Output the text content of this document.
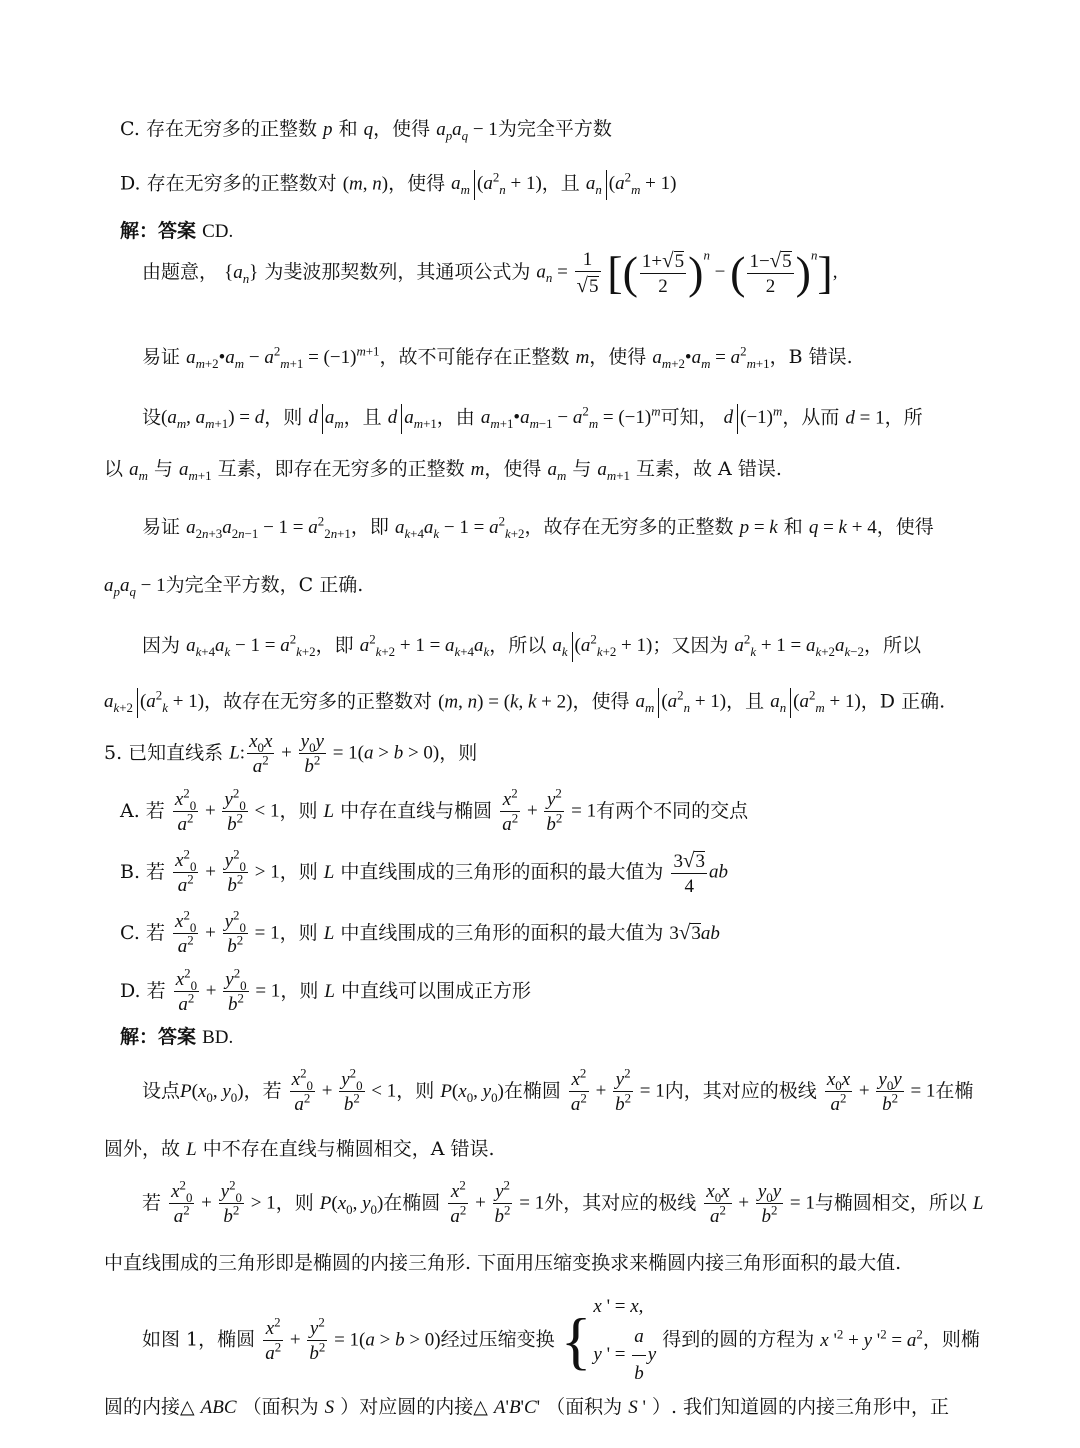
C. 存在无穷多的正整数 p 和 q，使得 $a_pa_q - 1$为完全平方数
D. 存在无穷多的正整数对 (m, n)，使得 $a_m$ $(a^2_n + 1)$，且 $a_n$ $(a^2_m + 1)$
解：答案 CD.
由题意， $\{a_n\}$ 为斐波那契数列，其通项公式为 $a_n = \frac{1}{√5}$ [( $\frac{1+√5}{2} )^n$ − ( $\frac{1-√5}{2} )^n$],
易证 $a_{m+2}•a_m - a^2_{m+1} = (-1)^{m+1}$，故不可能存在正整数 m，使得 $a_{m+2}•a_m = a^2_{m+1}$，B 错误.
设($a_m$, $a_{m+1}) = d$，则 d $a_m$，且 d $a_{m+1}$，由 $a_{m+1}•a_{m-1} - a^2_m = (-1)^m$可知， d $(-1)^m$，从而 d = 1，所
以 $a_m$ 与 $a_{m+1}$ 互素，即存在无穷多的正整数 m，使得 $a_m$ 与 $a_{m+1}$ 互素，故 A 错误.
易证 $a_{2n+3}a_{2n-1} - 1 = a^2_{2n+1}$，即 $a_{k+4}a_k - 1 = a^2_{k+2}$，故存在无穷多的正整数 p = k 和 q = k + 4，使得
$a_pa_q - 1$为完全平方数，C 正确.
因为 $a_{k+4}a_k - 1 = a^2_{k+2}$，即 $a^2_{k+2} + 1 = a_{k+4}a_k$，所以 $a_k$ $(a^2_{k+2} + 1)$；又因为 $a^2_k + 1 = a_{k+2}a_{k-2}$，所以
$a_{k+2}$ $(a^2_k + 1)$，故存在无穷多的正整数对 (m, n) = (k, k + 2)，使得 $a_m$ $(a^2_n + 1)$，且 $a_n$ $(a^2_m + 1)$，D 正确.
5. 已知直线系 L: $\frac{x_0x}{a^2} + \frac{y_0y}{b^2} = 1(a > b > 0)$，则
A. 若 $\frac{x^2_0}{a^2} + \frac{y^2_0}{b^2} < 1$，则 L 中存在直线与椭圆 $\frac{x^2}{a^2} + \frac{y^2}{b^2} = 1$有两个不同的交点
B. 若 $\frac{x^2_0}{a^2} + \frac{y^2_0}{b^2} > 1$，则 L 中直线围成的三角形的面积的最大值为 $\frac{3√3}{4}$ ab
C. 若 $\frac{x^2_0}{a^2} + \frac{y^2_0}{b^2} = 1$，则 L 中直线围成的三角形的面积的最大值为 3√3ab
D. 若 $\frac{x^2_0}{a^2} + \frac{y^2_0}{b^2} = 1$，则 L 中直线可以围成正方形
解：答案 BD.
设点$P(x_0$, $y_0$)，若 $\frac{x^2_0}{a^2} + \frac{y^2_0}{b^2} < 1$，则 $P(x_0$, $y_0$)在椭圆 $\frac{x^2}{a^2} + \frac{y^2}{b^2} = 1$内，其对应的极线 $\frac{x_0x}{a^2} + \frac{y_0y}{b^2} = 1$在椭
圆外，故 L 中不存在直线与椭圆相交，A 错误.
若 $\frac{x^2_0}{a^2} + \frac{y^2_0}{b^2} > 1$，则 $P(x_0$, $y_0$)在椭圆 $\frac{x^2}{a^2} + \frac{y^2}{b^2} = 1$外，其对应的极线 $\frac{x_0x}{a^2} + \frac{y_0y}{b^2} = 1$与椭圆相交，所以 L
中直线围成的三角形即是椭圆的内接三角形. 下面用压缩变换求来椭圆内接三角形面积的最大值.
如图 1，椭圆 $\frac{x^2}{a^2} + \frac{y^2}{b^2} = 1(a > b > 0)$经过压缩变换 { x ' = x,
y ' = $\frac{a}{b}$ y
得到的圆的方程为 x '$^2 + y$ '$^2 = a^2$，则椭
圆的内接△ ABC （面积为 S ）对应圆的内接△ A'B'C' （面积为 S ' ）. 我们知道圆的内接三角形中，正
